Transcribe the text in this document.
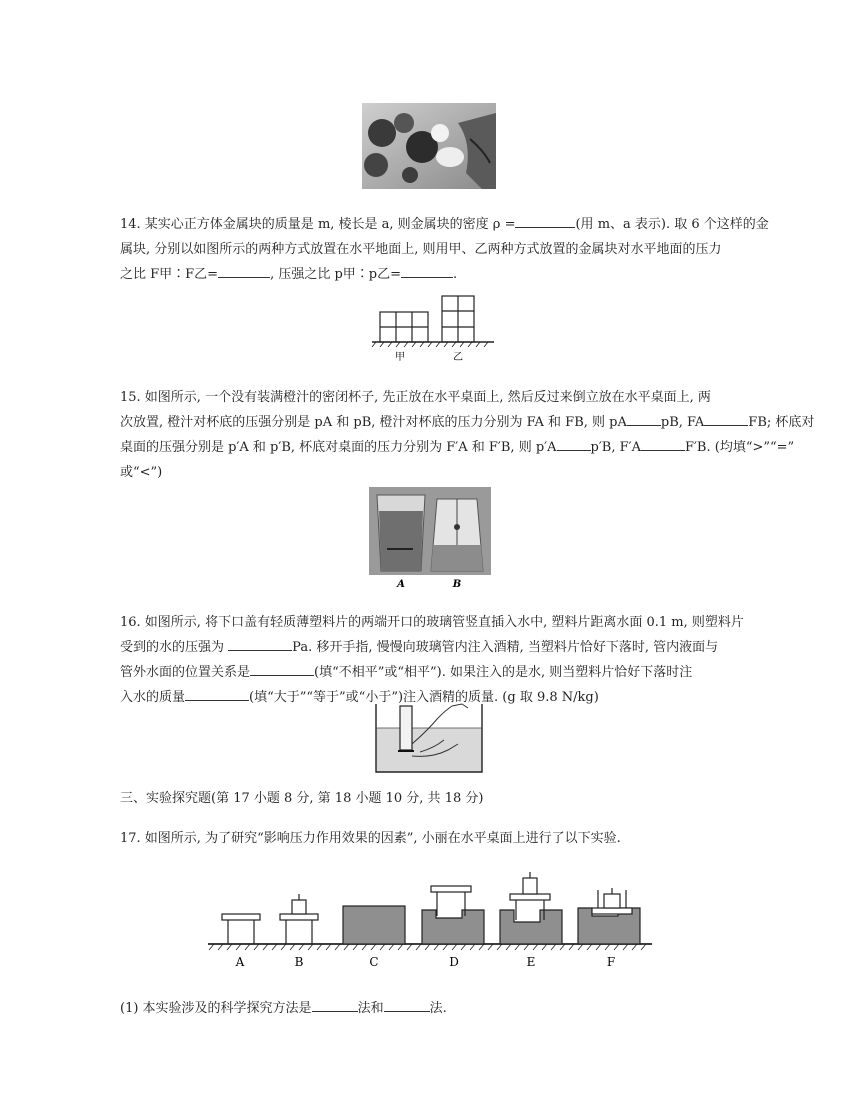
14. 某实心正方体金属块的质量是 m, 棱长是 a, 则金属块的密度 ρ =	(用 m、a 表示). 取 6 个这样的金
属块, 分别以如图所示的两种方式放置在水平地面上, 则用甲、乙两种方式放置的金属块对水平地面的压力
之比 F甲∶F乙=	, 压强之比 p甲∶p乙=	.
甲	乙
15. 如图所示, 一个没有装满橙汁的密闭杯子, 先正放在水平桌面上, 然后反过来倒立放在水平桌面上, 两
次放置, 橙汁对杯底的压强分别是 pA 和 pB, 橙汁对杯底的压力分别为 FA 和 FB, 则 pA	pB, FA	FB; 杯底对
桌面的压强分别是 p′A 和 p′B, 杯底对桌面的压力分别为 F′A 和 F′B, 则 p′A	p′B, F′A	F′B. (均填“>”“=”
或“<”)
A	B
16. 如图所示, 将下口盖有轻质薄塑料片的两端开口的玻璃管竖直插入水中, 塑料片距离水面 0.1 m, 则塑料片
受到的水的压强为	Pa. 移开手指, 慢慢向玻璃管内注入酒精, 当塑料片恰好下落时, 管内液面与
管外水面的位置关系是	(填“不相平”或“相平”). 如果注入的是水, 则当塑料片恰好下落时注
入水的质量	(填“大于”“等于”或“小于”)注入酒精的质量. (g 取 9.8 N/kg)
三、实验探究题(第 17 小题 8 分, 第 18 小题 10 分, 共 18 分)
17. 如图所示, 为了研究“影响压力作用效果的因素”, 小丽在水平桌面上进行了以下实验.
A	B	C	D	E	F
(1) 本实验涉及的科学探究方法是	法和	法.
